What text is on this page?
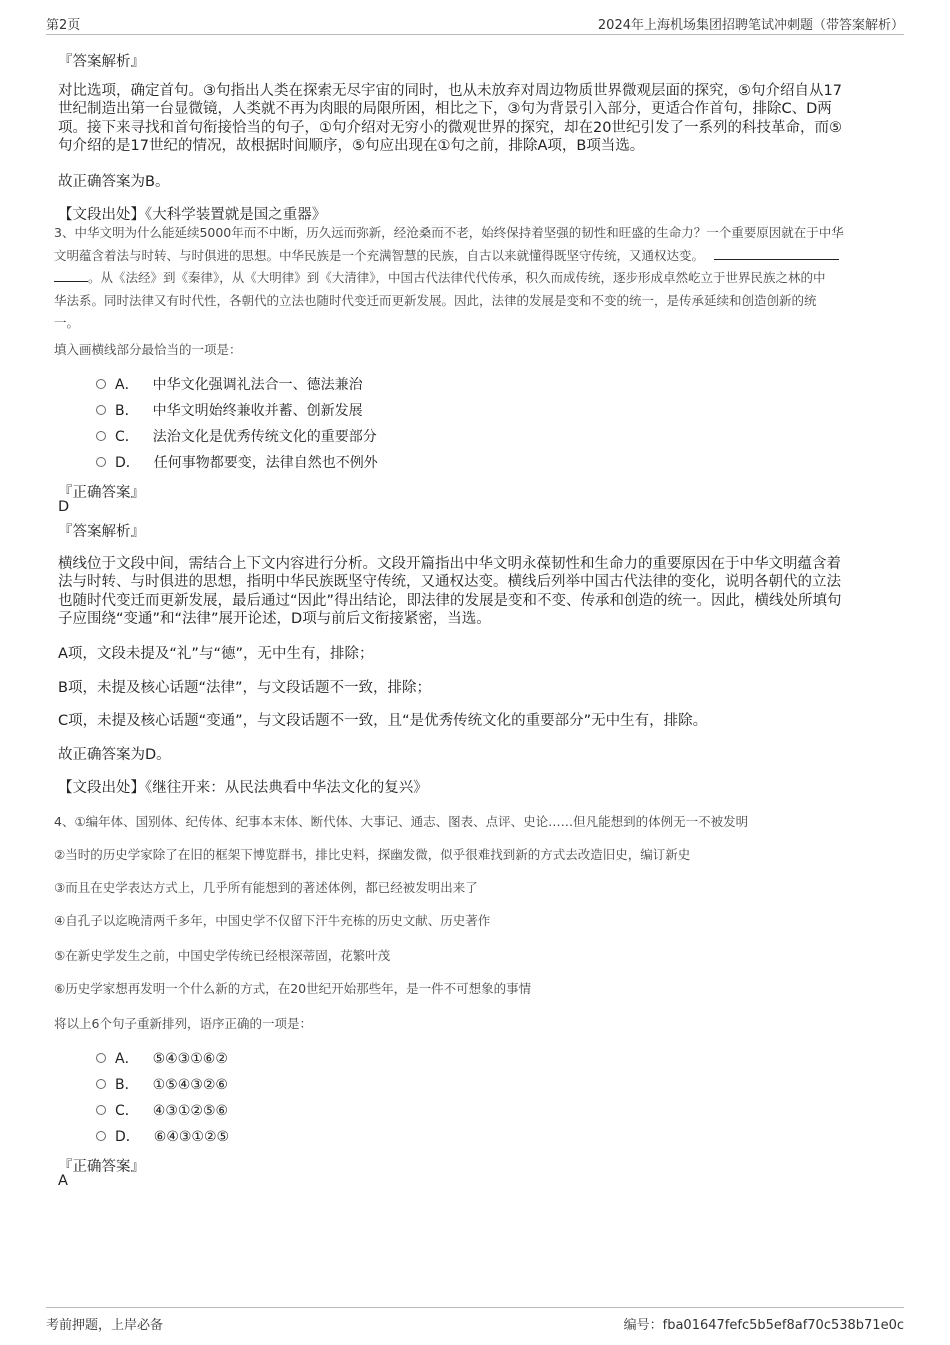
第2页	2024年上海机场集团招聘笔试冲刺题（带答案解析）
『答案解析』

对比选项，确定首句。③句指出人类在探索无尽宇宙的同时，也从未放弃对周边物质世界微观层面的探究，⑤句介绍自从17

世纪制造出第一台显微镜，人类就不再为肉眼的局限所困，相比之下，③句为背景引入部分，更适合作首句，排除C、D两

项。接下来寻找和首句衔接恰当的句子，①句介绍对无穷小的微观世界的探究，却在20世纪引发了一系列的科技革命，而⑤

句介绍的是17世纪的情况，故根据时间顺序，⑤句应出现在①句之前，排除A项，B项当选。

故正确答案为B。
【文段出处】《大科学装置就是国之重器》

3、中华文明为什么能延续5000年而不中断，历久远而弥新，经沧桑而不老，始终保持着坚强的韧性和旺盛的生命力？一个重要原因就在于中华

文明蕴含着法与时转、与时俱进的思想。中华民族是一个充满智慧的民族，自古以来就懂得既坚守传统，又通权达变。

。从《法经》到《秦律》，从《大明律》到《大清律》，中国古代法律代代传承，积久而成传统，逐步形成卓然屹立于世界民族之林的中

华法系。同时法律又有时代性，各朝代的立法也随时代变迁而更新发展。因此，法律的发展是变和不变的统一，是传承延续和创造创新的统

一。

填入画横线部分最恰当的一项是：
A． 中华文化强调礼法合一、德法兼治
B． 中华文明始终兼收并蓄、创新发展
C． 法治文化是优秀传统文化的重要部分
D． 任何事物都要变，法律自然也不例外
『正确答案』
D
『答案解析』

横线位于文段中间，需结合上下文内容进行分析。文段开篇指出中华文明永葆韧性和生命力的重要原因在于中华文明蕴含着

法与时转、与时俱进的思想，指明中华民族既坚守传统，又通权达变。横线后列举中国古代法律的变化，说明各朝代的立法

也随时代变迁而更新发展，最后通过“因此”得出结论，即法律的发展是变和不变、传承和创造的统一。因此，横线处所填句

子应围绕“变通”和“法律”展开论述，D项与前后文衔接紧密，当选。

A项，文段未提及“礼”与“德”，无中生有，排除；
B项，未提及核心话题“法律”，与文段话题不一致，排除；
C项，未提及核心话题“变通”，与文段话题不一致，且“是优秀传统文化的重要部分”无中生有，排除。
故正确答案为D。
【文段出处】《继往开来：从民法典看中华法文化的复兴》
4、①编年体、国别体、纪传体、纪事本末体、断代体、大事记、通志、图表、点评、史论……但凡能想到的体例无一不被发明
②当时的历史学家除了在旧的框架下博览群书，排比史料，探幽发微，似乎很难找到新的方式去改造旧史，编订新史
③而且在史学表达方式上，几乎所有能想到的著述体例，都已经被发明出来了
④自孔子以迄晚清两千多年，中国史学不仅留下汗牛充栋的历史文献、历史著作
⑤在新史学发生之前，中国史学传统已经根深蒂固，花繁叶茂
⑥历史学家想再发明一个什么新的方式，在20世纪开始那些年，是一件不可想象的事情
将以上6个句子重新排列，语序正确的一项是：
A． ⑤④③①⑥②
B． ①⑤④③②⑥
C． ④③①②⑤⑥
D． ⑥④③①②⑤
『正确答案』
A
考前押题，上岸必备	编号：fba01647fefc5b5ef8af70c538b71e0c
